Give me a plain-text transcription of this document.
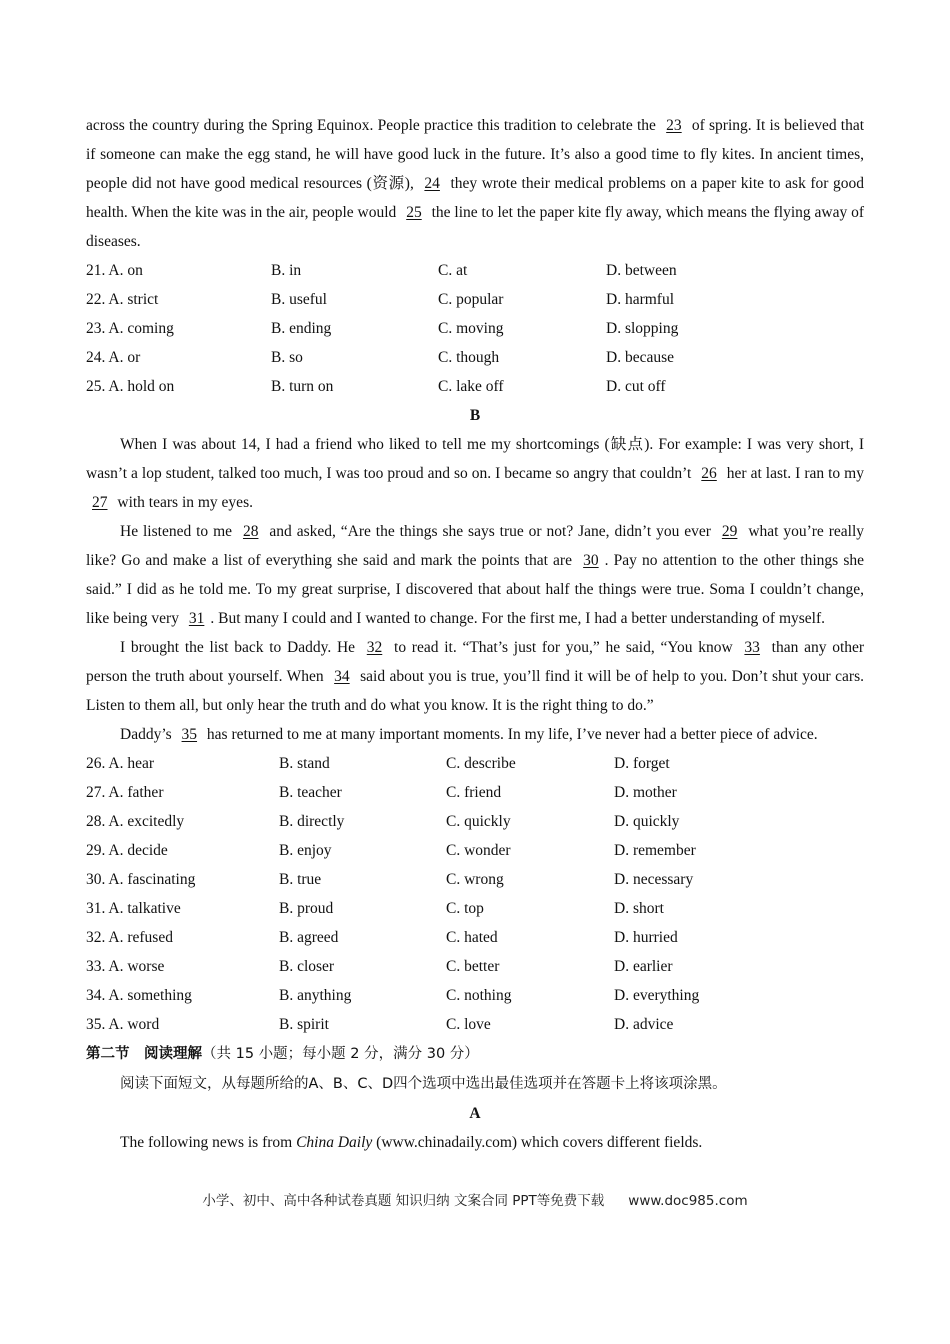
across the country during the Spring Equinox. People practice this tradition to celebrate the 23 of spring. It is believed that if someone can make the egg stand, he will have good luck in the future. It’s also a good time to fly kites. In ancient times, people did not have good medical resources (资源), 24 they wrote their medical problems on a paper kite to ask for good health. When the kite was in the air, people would 25 the line to let the paper kite fly away, which means the flying away of diseases.

21. A. on	B. in	C. at	D. between
22. A. strict	B. useful	C. popular	D. harmful
23. A. coming	B. ending	C. moving	D. slopping
24. A. or	B. so	C. though	D. because
25. A. hold on	B. turn on	C. lake off	D. cut off
B

When I was about 14, I had a friend who liked to tell me my shortcomings (缺点). For example: I was very short, I wasn’t a lop student, talked too much, I was too proud and so on. I became so angry that couldn’t 26 her at last. I ran to my 27 with tears in my eyes.

He listened to me 28 and asked, “Are the things she says true or not? Jane, didn’t you ever 29 what you’re really like? Go and make a list of everything she said and mark the points that are 30 . Pay no attention to the other things she said.” I did as he told me. To my great surprise, I discovered that about half the things were true. Soma I couldn’t change, like being very 31 . But many I could and I wanted to change. For the first me, I had a better understanding of myself.

I brought the list back to Daddy. He 32 to read it. “That’s just for you,” he said, “You know 33 than any other person the truth about yourself. When 34 said about you is true, you’ll find it will be of help to you. Don’t shut your cars. Listen to them all, but only hear the truth and do what you know. It is the right thing to do.”

Daddy’s 35 has returned to me at many important moments. In my life, I’ve never had a better piece of advice.

26. A. hear	B. stand	C. describe	D. forget
27. A. father	B. teacher	C. friend	D. mother
28. A. excitedly	B. directly	C. quickly	D. quickly
29. A. decide	B. enjoy	C. wonder	D. remember
30. A. fascinating	B. true	C. wrong	D. necessary
31. A. talkative	B. proud	C. top	D. short
32. A. refused	B. agreed	C. hated	D. hurried
33. A. worse	B. closer	C. better	D. earlier
34. A. something	B. anything	C. nothing	D. everything
35. A. word	B. spirit	C. love	D. advice
第二节　阅读理解（共 15 小题；每小题 2 分，满分 30 分）
阅读下面短文，从每题所给的A、B、C、D四个选项中选出最佳选项并在答题卡上将该项涂黑。
A

The following news is from China Daily (www.chinadaily.com) which covers different fields.

小学、初中、高中各种试卷真题 知识归纳 文案合同 PPT等免费下载 www.doc985.com
